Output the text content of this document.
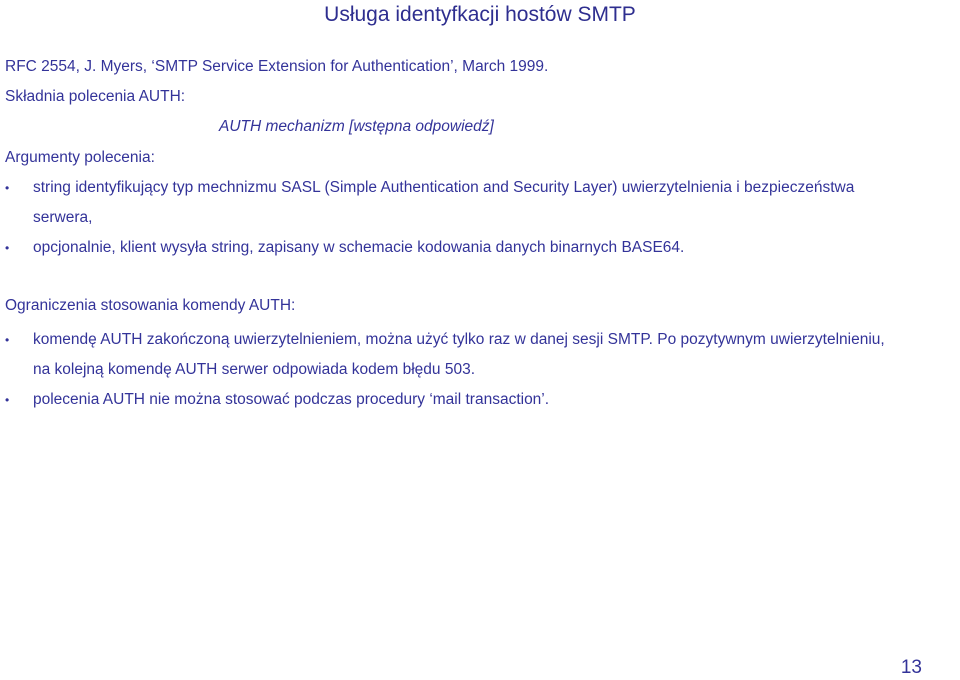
Usługa identyfkacji hostów SMTP
RFC 2554, J. Myers, ‘SMTP Service Extension for Authentication’, March 1999.
Składnia polecenia AUTH:
AUTH mechanizm [wstępna odpowiedź]
Argumenty polecenia:
• string identyfikujący typ mechnizmu SASL (Simple Authentication and Security Layer) uwierzytelnienia i bezpieczeństwa
serwera,
• opcjonalnie, klient wysyła string, zapisany w schemacie kodowania danych binarnych BASE64.
Ograniczenia stosowania komendy AUTH:
• komendę AUTH zakończoną uwierzytelnieniem, można użyć tylko raz w danej sesji SMTP. Po pozytywnym uwierzytelnieniu,
na kolejną komendę AUTH serwer odpowiada kodem błędu 503.
• polecenia AUTH nie można stosować podczas procedury ‘mail transaction’.
13
